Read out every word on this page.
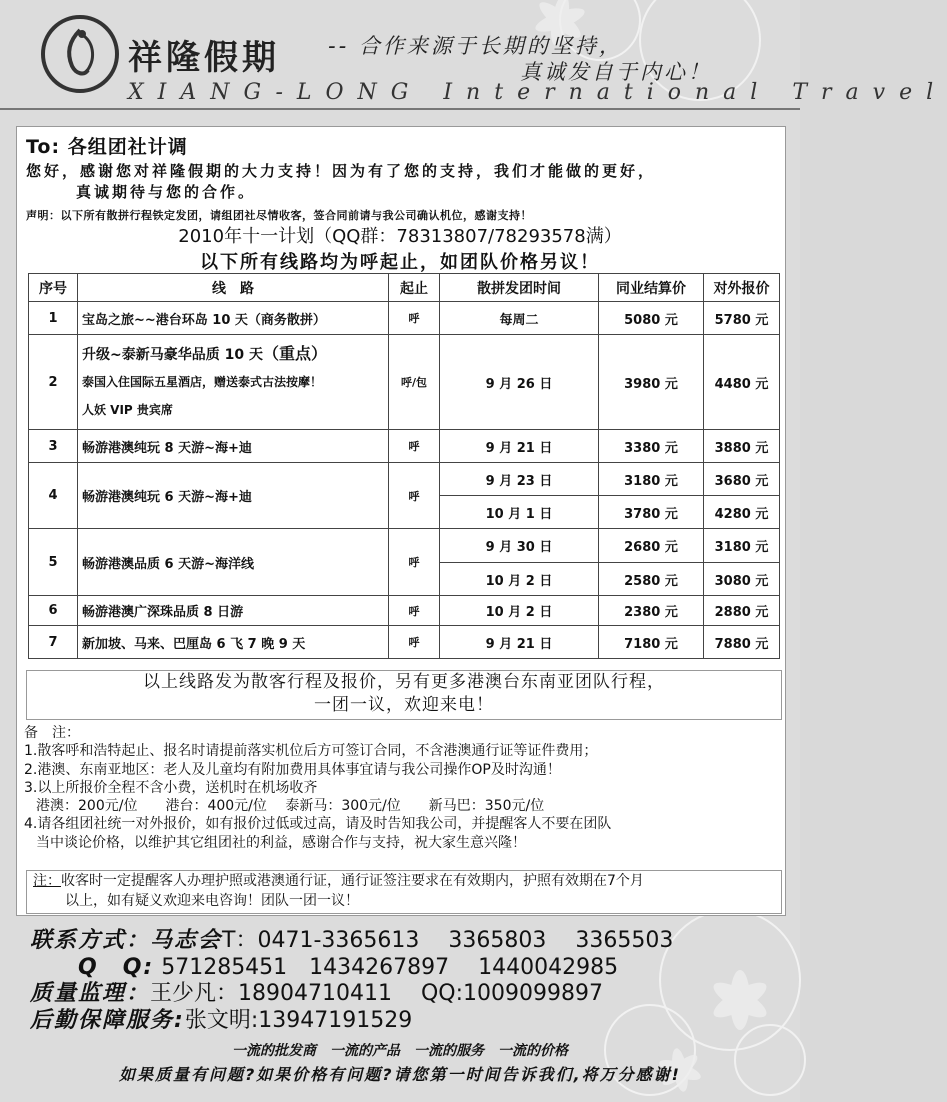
祥隆假期 -- 合作来源于长期的坚持，
真诚发自于内心！
XIANG-LONG International Travel
To: 各组团社计调
您好，感谢您对祥隆假期的大力支持！因为有了您的支持，我们才能做的更好，
真诚期待与您的合作。
声明：以下所有散拼行程铁定发团，请组团社尽情收客，签合同前请与我公司确认机位，感谢支持！
2010年十一计划（QQ群：78313807/78293578满）
以下所有线路均为呼起止，如团队价格另议！
序号	线　路	起止	散拼发团时间	同业结算价	对外报价
1	宝岛之旅~~港台环岛 10 天（商务散拼）	呼	每周二	5080 元	5780 元
2	升级~泰新马豪华品质 10 天（重点）
泰国入住国际五星酒店，赠送泰式古法按摩！
人妖 VIP 贵宾席	呼/包	9 月 26 日	3980 元	4480 元
3	畅游港澳纯玩 8 天游~海+迪	呼	9 月 21 日	3380 元	3880 元
4	畅游港澳纯玩 6 天游~海+迪	呼	9 月 23 日	3180 元	3680 元
			10 月 1 日	3780 元	4280 元
5	畅游港澳品质 6 天游~海洋线	呼	9 月 30 日	2680 元	3180 元
			10 月 2 日	2580 元	3080 元
6	畅游港澳广深珠品质 8 日游	呼	10 月 2 日	2380 元	2880 元
7	新加坡、马来、巴厘岛 6 飞 7 晚 9 天	呼	9 月 21 日	7180 元	7880 元
以上线路发为散客行程及报价，另有更多港澳台东南亚团队行程，
一团一议，欢迎来电！
备　注：
1.散客呼和浩特起止、报名时请提前落实机位后方可签订合同，不含港澳通行证等证件费用；
2.港澳、东南亚地区：老人及儿童均有附加费用具体事宜请与我公司操作OP及时沟通！
3.以上所报价全程不含小费，送机时在机场收齐
港澳：200元/位　　港台：400元/位　 泰新马：300元/位　　新马巴：350元/位
4.请各组团社统一对外报价，如有报价过低或过高，请及时告知我公司，并提醒客人不要在团队
当中谈论价格，以维护其它组团社的利益，感谢合作与支持，祝大家生意兴隆！
注：收客时一定提醒客人办理护照或港澳通行证，通行证签注要求在有效期内，护照有效期在7个月
以上，如有疑义欢迎来电咨询！团队一团一议！
联系方式：马志会T：0471-3365613　 3365803　 3365503
Q　Q: 571285451　1434267897　 1440042985
质量监理：王少凡：18904710411　 QQ:1009099897
后勤保障服务:张文明:13947191529
一流的批发商　一流的产品　一流的服务　一流的价格
如果质量有问题?如果价格有问题?请您第一时间告诉我们,将万分感谢!
